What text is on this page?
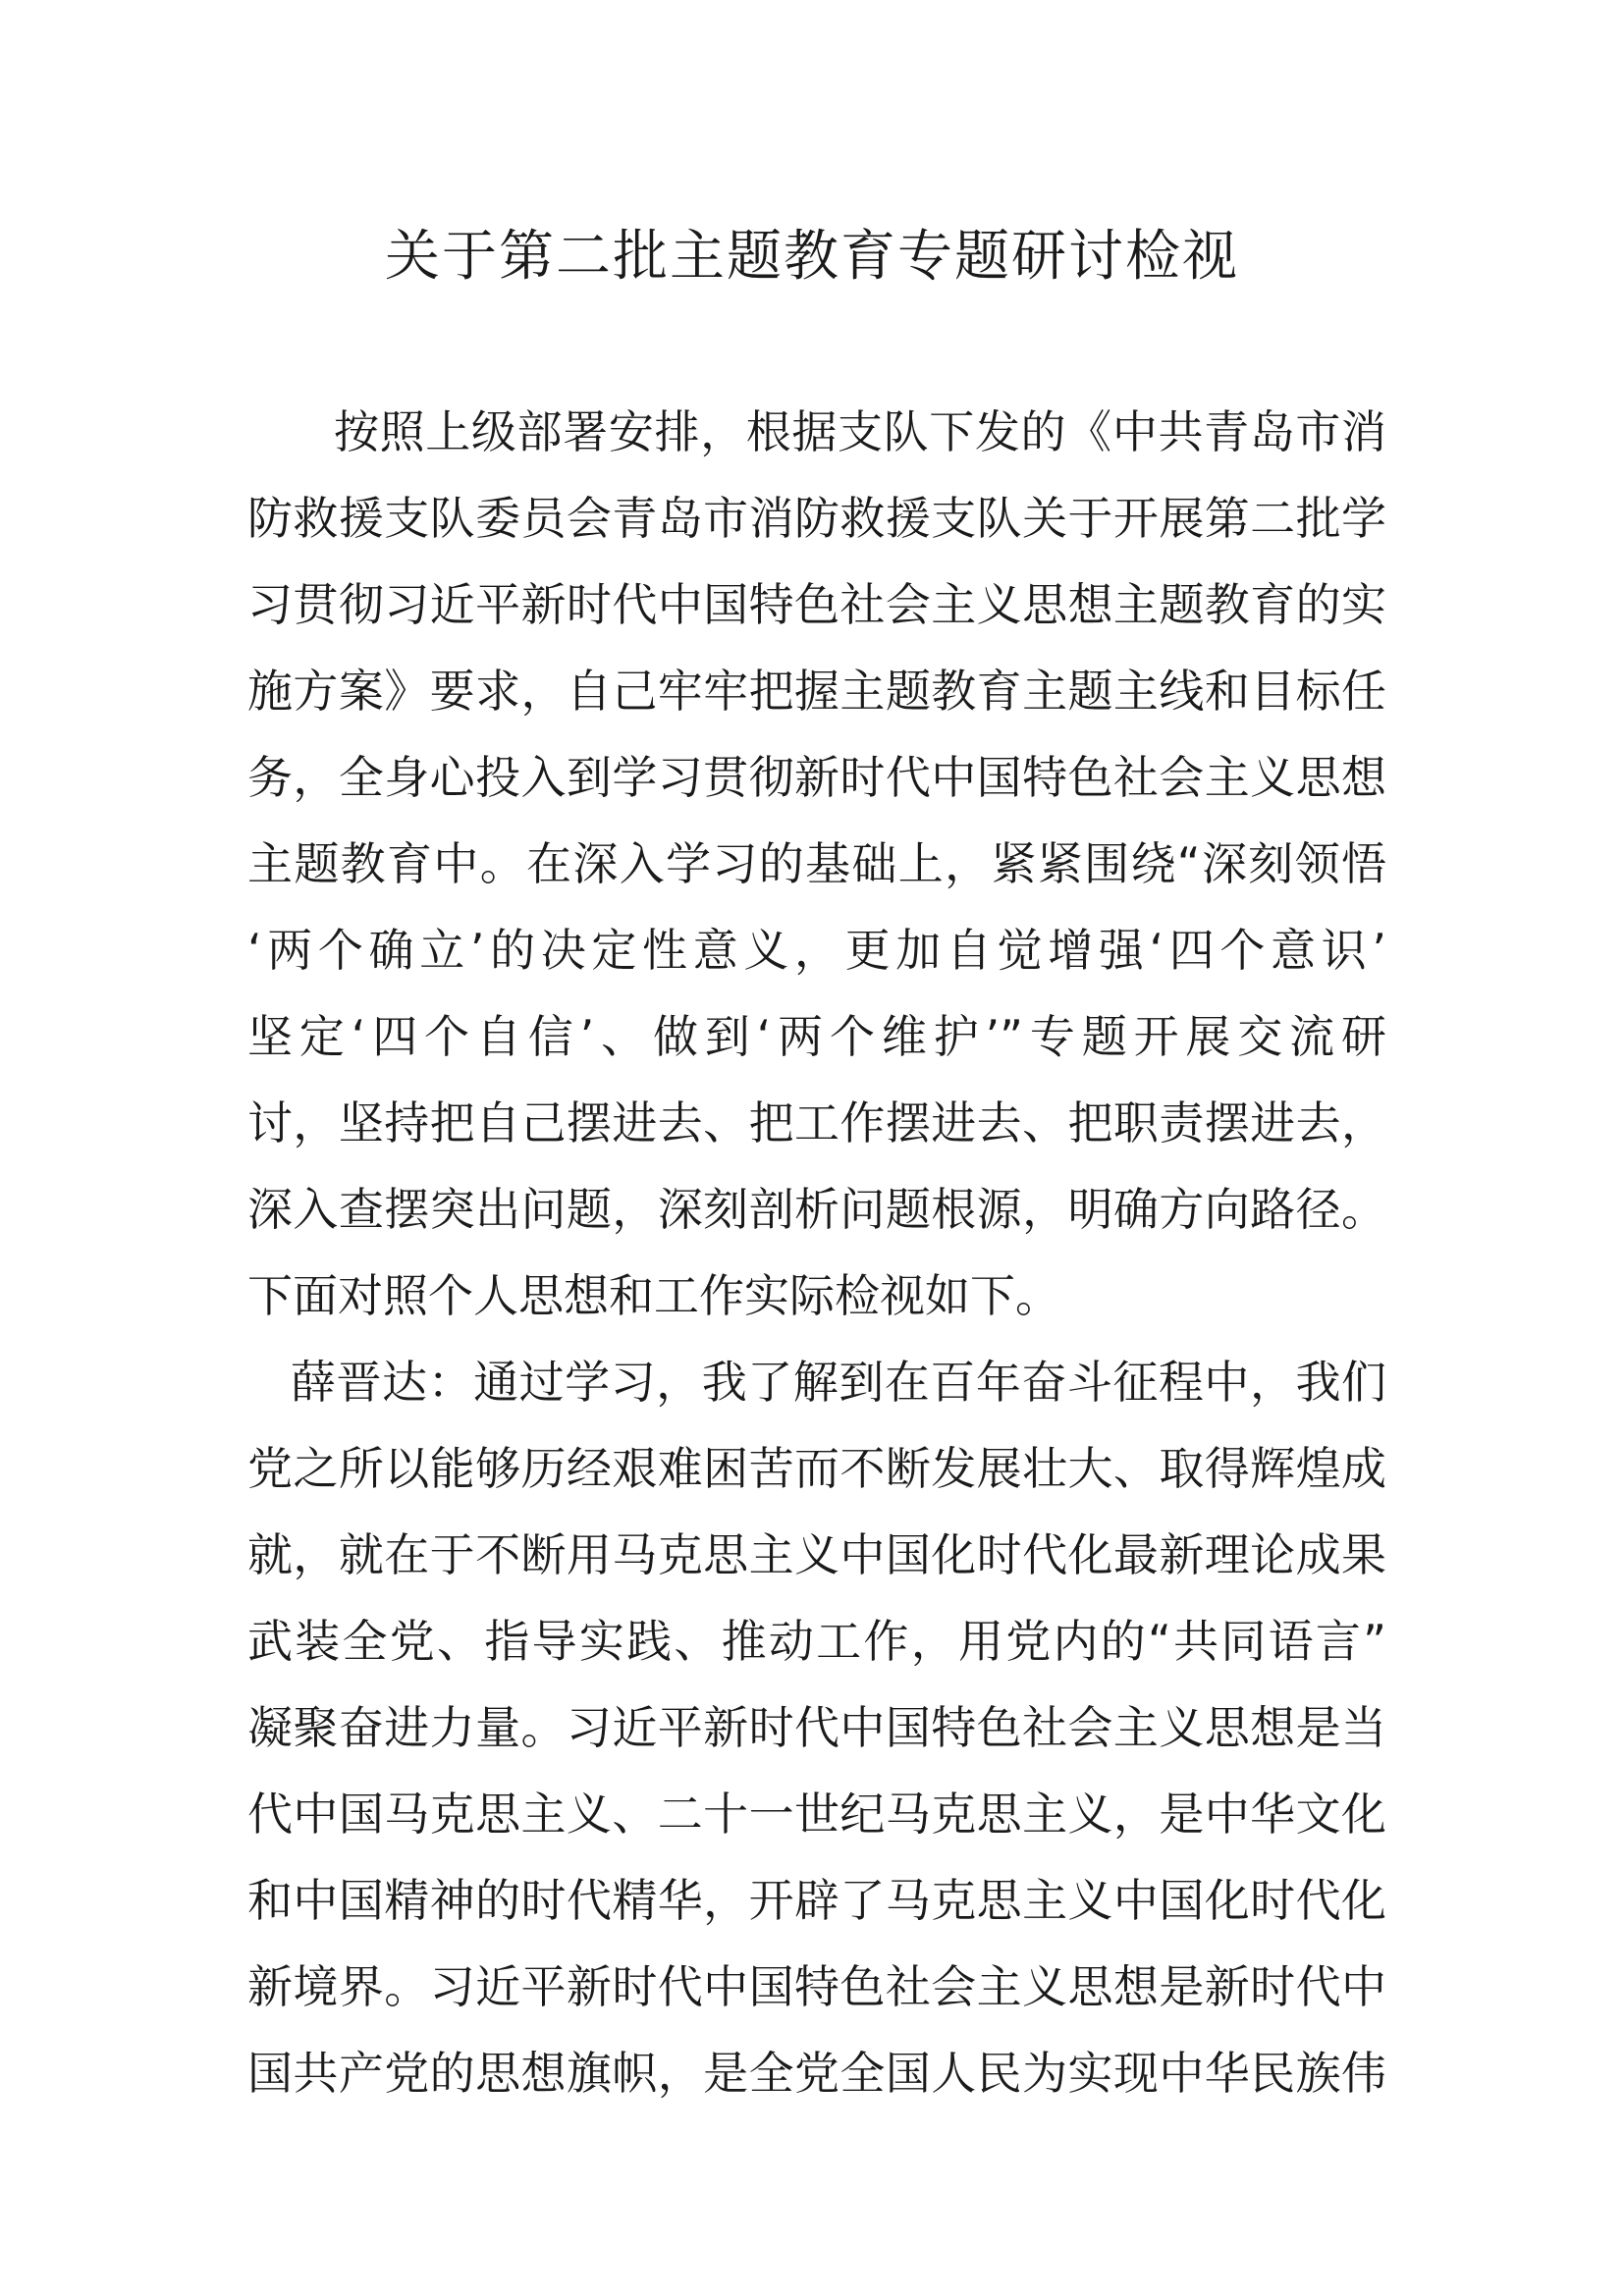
关于第二批主题教育专题研讨检视

按照上级部署安排，根据支队下发的《中共青岛市消

防救援支队委员会青岛市消防救援支队关于开展第二批学

习贯彻习近平新时代中国特色社会主义思想主题教育的实

施方案》要求，自己牢牢把握主题教育主题主线和目标任

务，全身心投入到学习贯彻新时代中国特色社会主义思想

主题教育中。在深入学习的基础上，紧紧围绕“深刻领悟

‘两个确立’的决定性意义，更加自觉增强‘四个意识’

坚定‘四个自信’、做到‘两个维护’”专题开展交流研

讨，坚持把自己摆进去、把工作摆进去、把职责摆进去，

深入查摆突出问题，深刻剖析问题根源，明确方向路径。

下面对照个人思想和工作实际检视如下。

薛晋达：通过学习，我了解到在百年奋斗征程中，我们

党之所以能够历经艰难困苦而不断发展壮大、取得辉煌成

就，就在于不断用马克思主义中国化时代化最新理论成果

武装全党、指导实践、推动工作，用党内的“共同语言”

凝聚奋进力量。习近平新时代中国特色社会主义思想是当

代中国马克思主义、二十一世纪马克思主义，是中华文化

和中国精神的时代精华，开辟了马克思主义中国化时代化

新境界。习近平新时代中国特色社会主义思想是新时代中

国共产党的思想旗帜，是全党全国人民为实现中华民族伟
